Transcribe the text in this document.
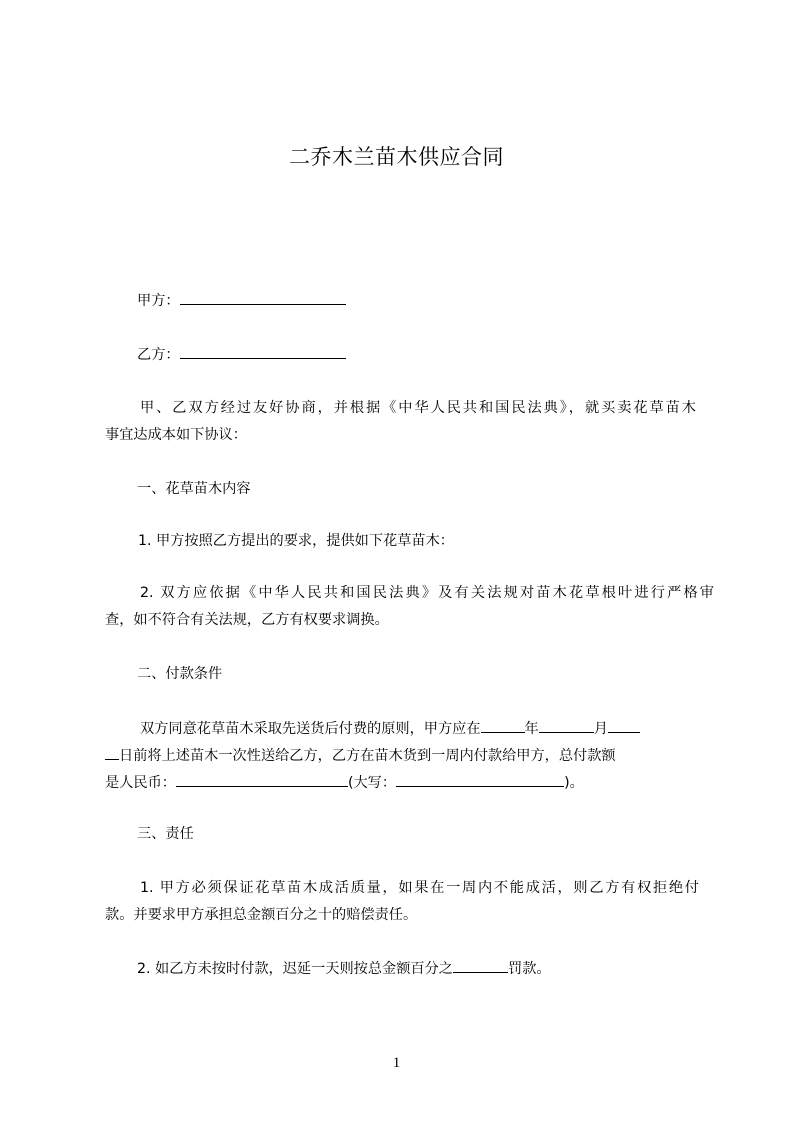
二乔木兰苗木供应合同
甲方：
乙方：
甲、乙双方经过友好协商，并根据《中华人民共和国民法典》，就买卖花草苗木
事宜达成本如下协议：
一、花草苗木内容
1. 甲方按照乙方提出的要求，提供如下花草苗木：
2. 双方应依据《中华人民共和国民法典》及有关法规对苗木花草根叶进行严格审
查，如不符合有关法规，乙方有权要求调换。
二、付款条件
双方同意花草苗木采取先送货后付费的原则，甲方应在	年	月
日前将上述苗木一次性送给乙方，乙方在苗木货到一周内付款给甲方，总付款额
是人民币：	(大写：	)。
三、责任
1. 甲方必须保证花草苗木成活质量，如果在一周内不能成活，则乙方有权拒绝付
款。并要求甲方承担总金额百分之十的赔偿责任。
2. 如乙方未按时付款，迟延一天则按总金额百分之	罚款。
1
